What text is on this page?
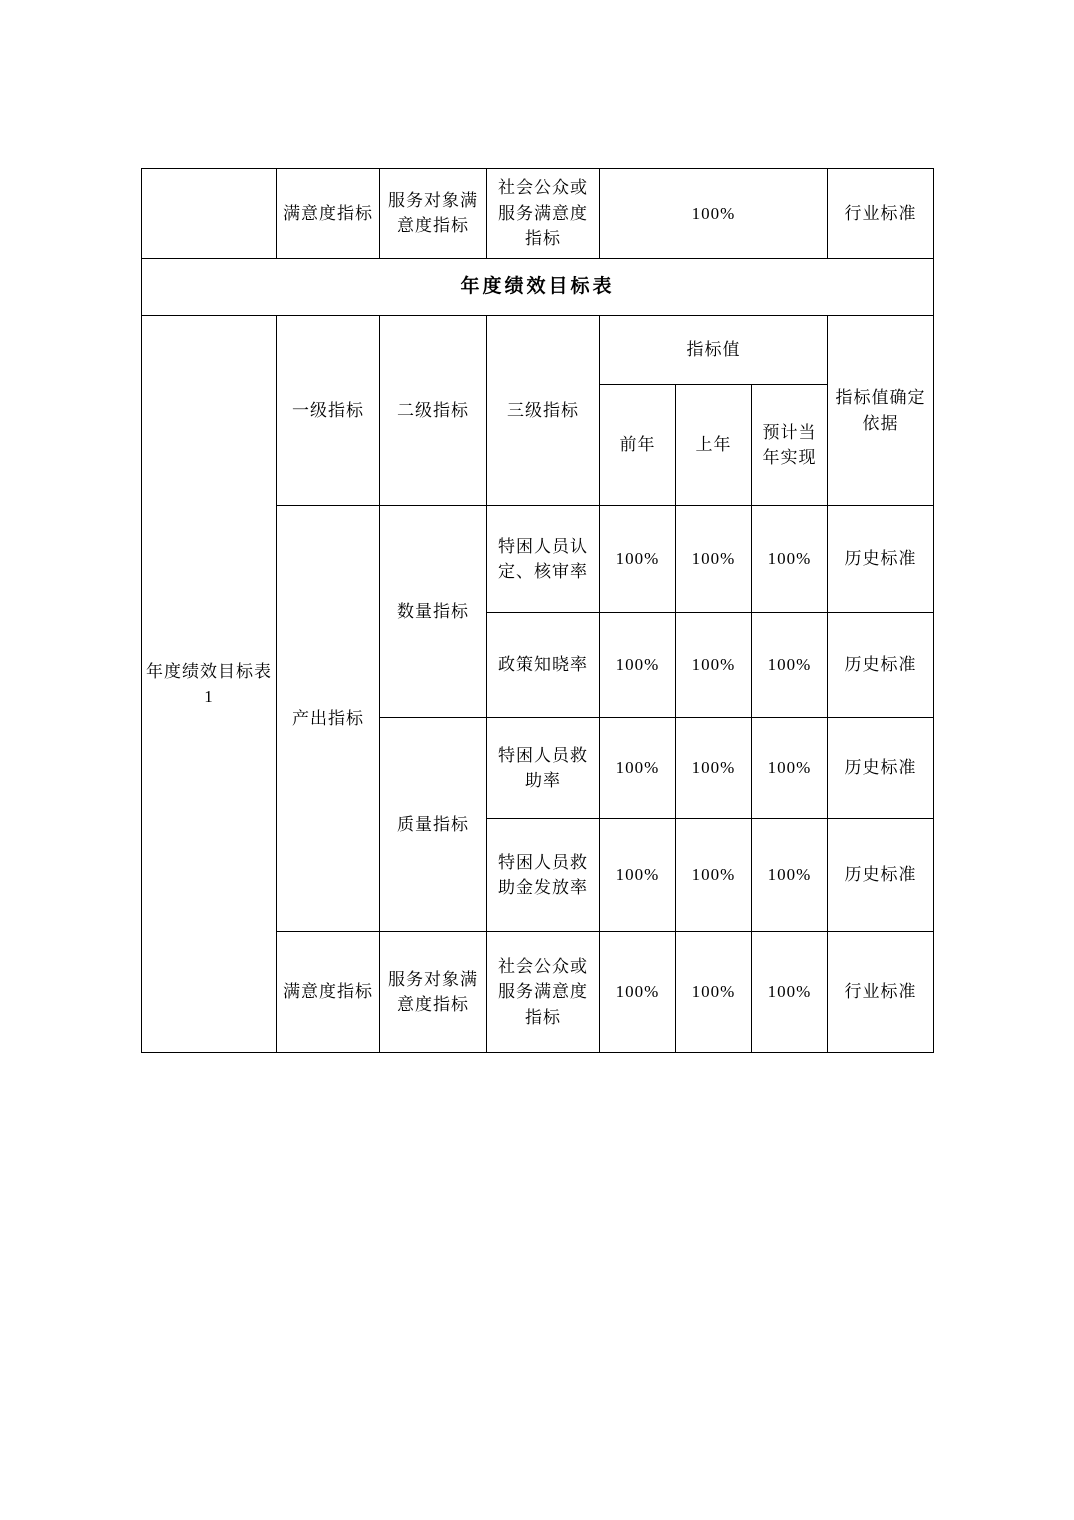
	满意度指标	服务对象满意度指标	社会公众或服务满意度指标	100%			行业标准
年度绩效目标表							
年度绩效目标表1	一级指标	二级指标	三级指标	指标值			指标值确定依据
				前年	上年	预计当年实现	
	产出指标	数量指标	特困人员认定、核审率	100%	100%	100%	历史标准
			政策知晓率	100%	100%	100%	历史标准
		质量指标	特困人员救助率	100%	100%	100%	历史标准
			特困人员救助金发放率	100%	100%	100%	历史标准
	满意度指标	服务对象满意度指标	社会公众或服务满意度指标	100%	100%	100%	行业标准
